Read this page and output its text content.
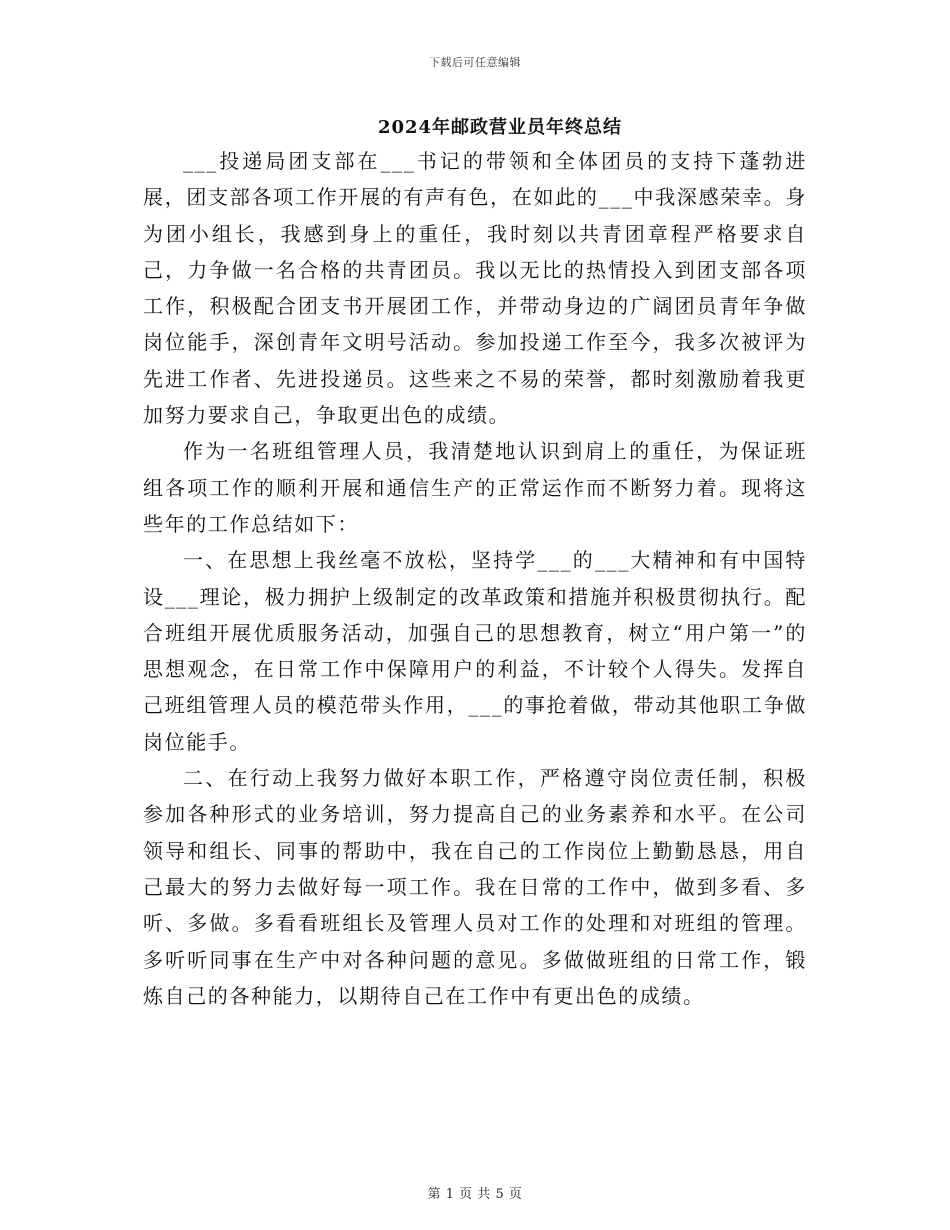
下载后可任意编辑
2024年邮政营业员年终总结

___投递局团支部在___书记的带领和全体团员的支持下蓬勃进展，团支部各项工作开展的有声有色，在如此的___中我深感荣幸。身为团小组长，我感到身上的重任，我时刻以共青团章程严格要求自己，力争做一名合格的共青团员。我以无比的热情投入到团支部各项工作，积极配合团支书开展团工作，并带动身边的广阔团员青年争做岗位能手，深创青年文明号活动。参加投递工作至今，我多次被评为先进工作者、先进投递员。这些来之不易的荣誉，都时刻激励着我更加努力要求自己，争取更出色的成绩。

作为一名班组管理人员，我清楚地认识到肩上的重任，为保证班组各项工作的顺利开展和通信生产的正常运作而不断努力着。现将这些年的工作总结如下：

一、在思想上我丝毫不放松，坚持学___的___大精神和有中国特设___理论，极力拥护上级制定的改革政策和措施并积极贯彻执行。配合班组开展优质服务活动，加强自己的思想教育，树立“用户第一”的思想观念，在日常工作中保障用户的利益，不计较个人得失。发挥自己班组管理人员的模范带头作用，___的事抢着做，带动其他职工争做岗位能手。

二、在行动上我努力做好本职工作，严格遵守岗位责任制，积极参加各种形式的业务培训，努力提高自己的业务素养和水平。在公司领导和组长、同事的帮助中，我在自己的工作岗位上勤勤恳恳，用自己最大的努力去做好每一项工作。我在日常的工作中，做到多看、多听、多做。多看看班组长及管理人员对工作的处理和对班组的管理。多听听同事在生产中对各种问题的意见。多做做班组的日常工作，锻炼自己的各种能力，以期待自己在工作中有更出色的成绩。

第 1 页 共 5 页
